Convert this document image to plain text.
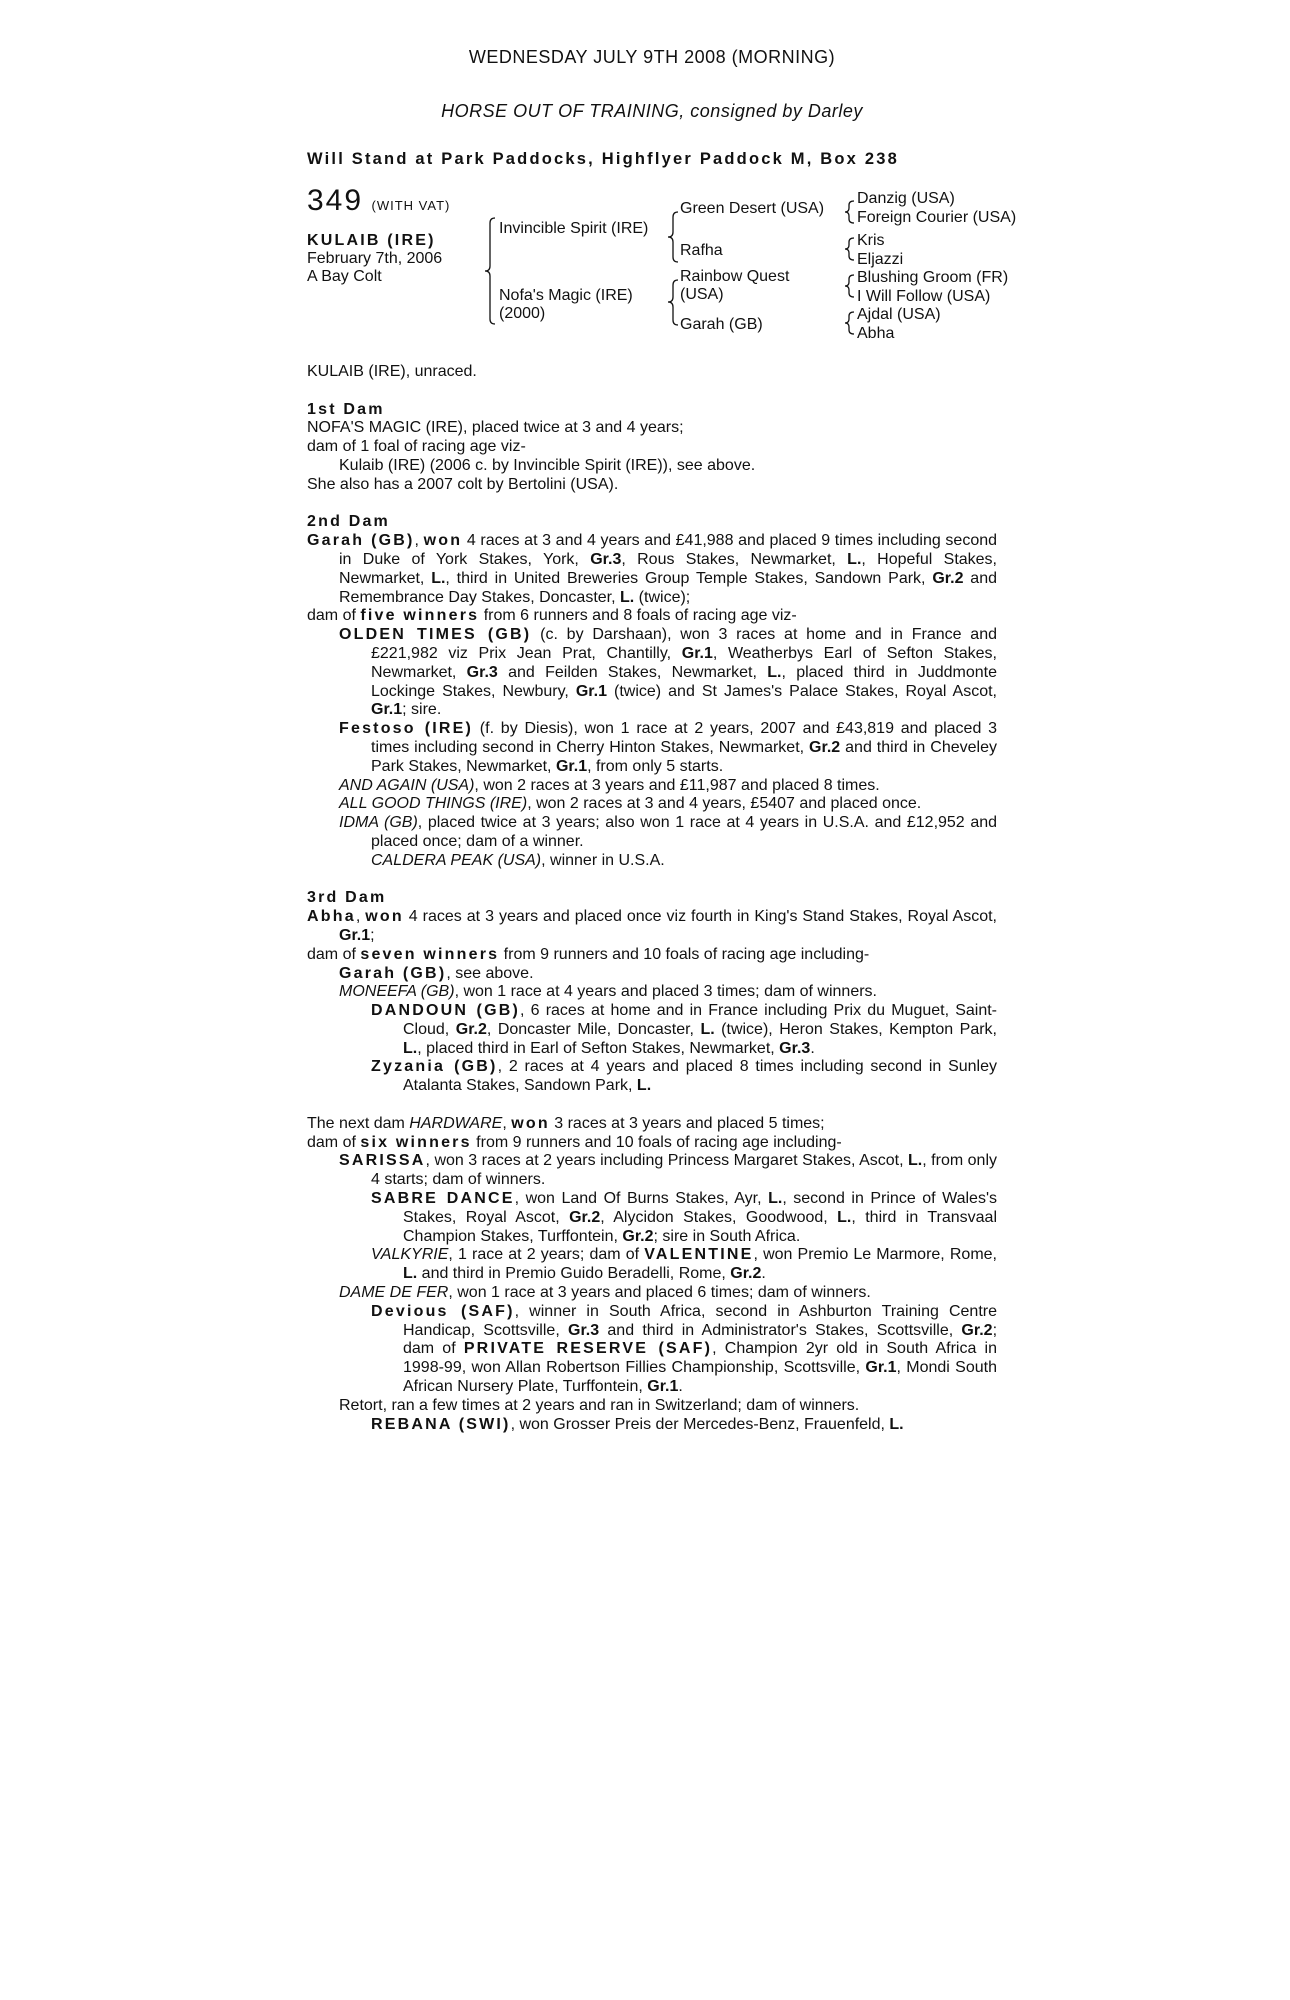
WEDNESDAY JULY 9TH 2008 (MORNING)
HORSE OUT OF TRAINING, consigned by Darley
Will Stand at Park Paddocks, Highflyer Paddock M, Box 238
349 (WITH VAT)
KULAIB (IRE)
February 7th, 2006
A Bay Colt
Invincible Spirit (IRE)
Nofa's Magic (IRE)
(2000)
Green Desert (USA)
Rafha
Rainbow Quest
(USA)
Garah (GB)
Danzig (USA)
Foreign Courier (USA)
Kris
Eljazzi
Blushing Groom (FR)
I Will Follow (USA)
Ajdal (USA)
Abha

KULAIB (IRE), unraced.

1st Dam

NOFA'S MAGIC (IRE), placed twice at 3 and 4 years;

dam of 1 foal of racing age viz-

Kulaib (IRE) (2006 c. by Invincible Spirit (IRE)), see above.

She also has a 2007 colt by Bertolini (USA).

2nd Dam

Garah (GB), won 4 races at 3 and 4 years and £41,988 and placed 9 times including second in Duke of York Stakes, York, Gr.3, Rous Stakes, Newmarket, L., Hopeful Stakes, Newmarket, L., third in United Breweries Group Temple Stakes, Sandown Park, Gr.2 and Remembrance Day Stakes, Doncaster, L. (twice);

dam of five winners from 6 runners and 8 foals of racing age viz-

OLDEN TIMES (GB) (c. by Darshaan), won 3 races at home and in France and £221,982 viz Prix Jean Prat, Chantilly, Gr.1, Weatherbys Earl of Sefton Stakes, Newmarket, Gr.3 and Feilden Stakes, Newmarket, L., placed third in Juddmonte Lockinge Stakes, Newbury, Gr.1 (twice) and St James's Palace Stakes, Royal Ascot, Gr.1; sire.

Festoso (IRE) (f. by Diesis), won 1 race at 2 years, 2007 and £43,819 and placed 3 times including second in Cherry Hinton Stakes, Newmarket, Gr.2 and third in Cheveley Park Stakes, Newmarket, Gr.1, from only 5 starts.

AND AGAIN (USA), won 2 races at 3 years and £11,987 and placed 8 times.

ALL GOOD THINGS (IRE), won 2 races at 3 and 4 years, £5407 and placed once.

IDMA (GB), placed twice at 3 years; also won 1 race at 4 years in U.S.A. and £12,952 and placed once; dam of a winner.

CALDERA PEAK (USA), winner in U.S.A.

3rd Dam

Abha, won 4 races at 3 years and placed once viz fourth in King's Stand Stakes, Royal Ascot, Gr.1;

dam of seven winners from 9 runners and 10 foals of racing age including-

Garah (GB), see above.

MONEEFA (GB), won 1 race at 4 years and placed 3 times; dam of winners.

DANDOUN (GB), 6 races at home and in France including Prix du Muguet, Saint-Cloud, Gr.2, Doncaster Mile, Doncaster, L. (twice), Heron Stakes, Kempton Park, L., placed third in Earl of Sefton Stakes, Newmarket, Gr.3.

Zyzania (GB), 2 races at 4 years and placed 8 times including second in Sunley Atalanta Stakes, Sandown Park, L.

The next dam HARDWARE, won 3 races at 3 years and placed 5 times;

dam of six winners from 9 runners and 10 foals of racing age including-

SARISSA, won 3 races at 2 years including Princess Margaret Stakes, Ascot, L., from only 4 starts; dam of winners.

SABRE DANCE, won Land Of Burns Stakes, Ayr, L., second in Prince of Wales's Stakes, Royal Ascot, Gr.2, Alycidon Stakes, Goodwood, L., third in Transvaal Champion Stakes, Turffontein, Gr.2; sire in South Africa.

VALKYRIE, 1 race at 2 years; dam of VALENTINE, won Premio Le Marmore, Rome, L. and third in Premio Guido Beradelli, Rome, Gr.2.

DAME DE FER, won 1 race at 3 years and placed 6 times; dam of winners.

Devious (SAF), winner in South Africa, second in Ashburton Training Centre Handicap, Scottsville, Gr.3 and third in Administrator's Stakes, Scottsville, Gr.2; dam of PRIVATE RESERVE (SAF), Champion 2yr old in South Africa in 1998-99, won Allan Robertson Fillies Championship, Scottsville, Gr.1, Mondi South African Nursery Plate, Turffontein, Gr.1.

Retort, ran a few times at 2 years and ran in Switzerland; dam of winners.

REBANA (SWI), won Grosser Preis der Mercedes-Benz, Frauenfeld, L.
